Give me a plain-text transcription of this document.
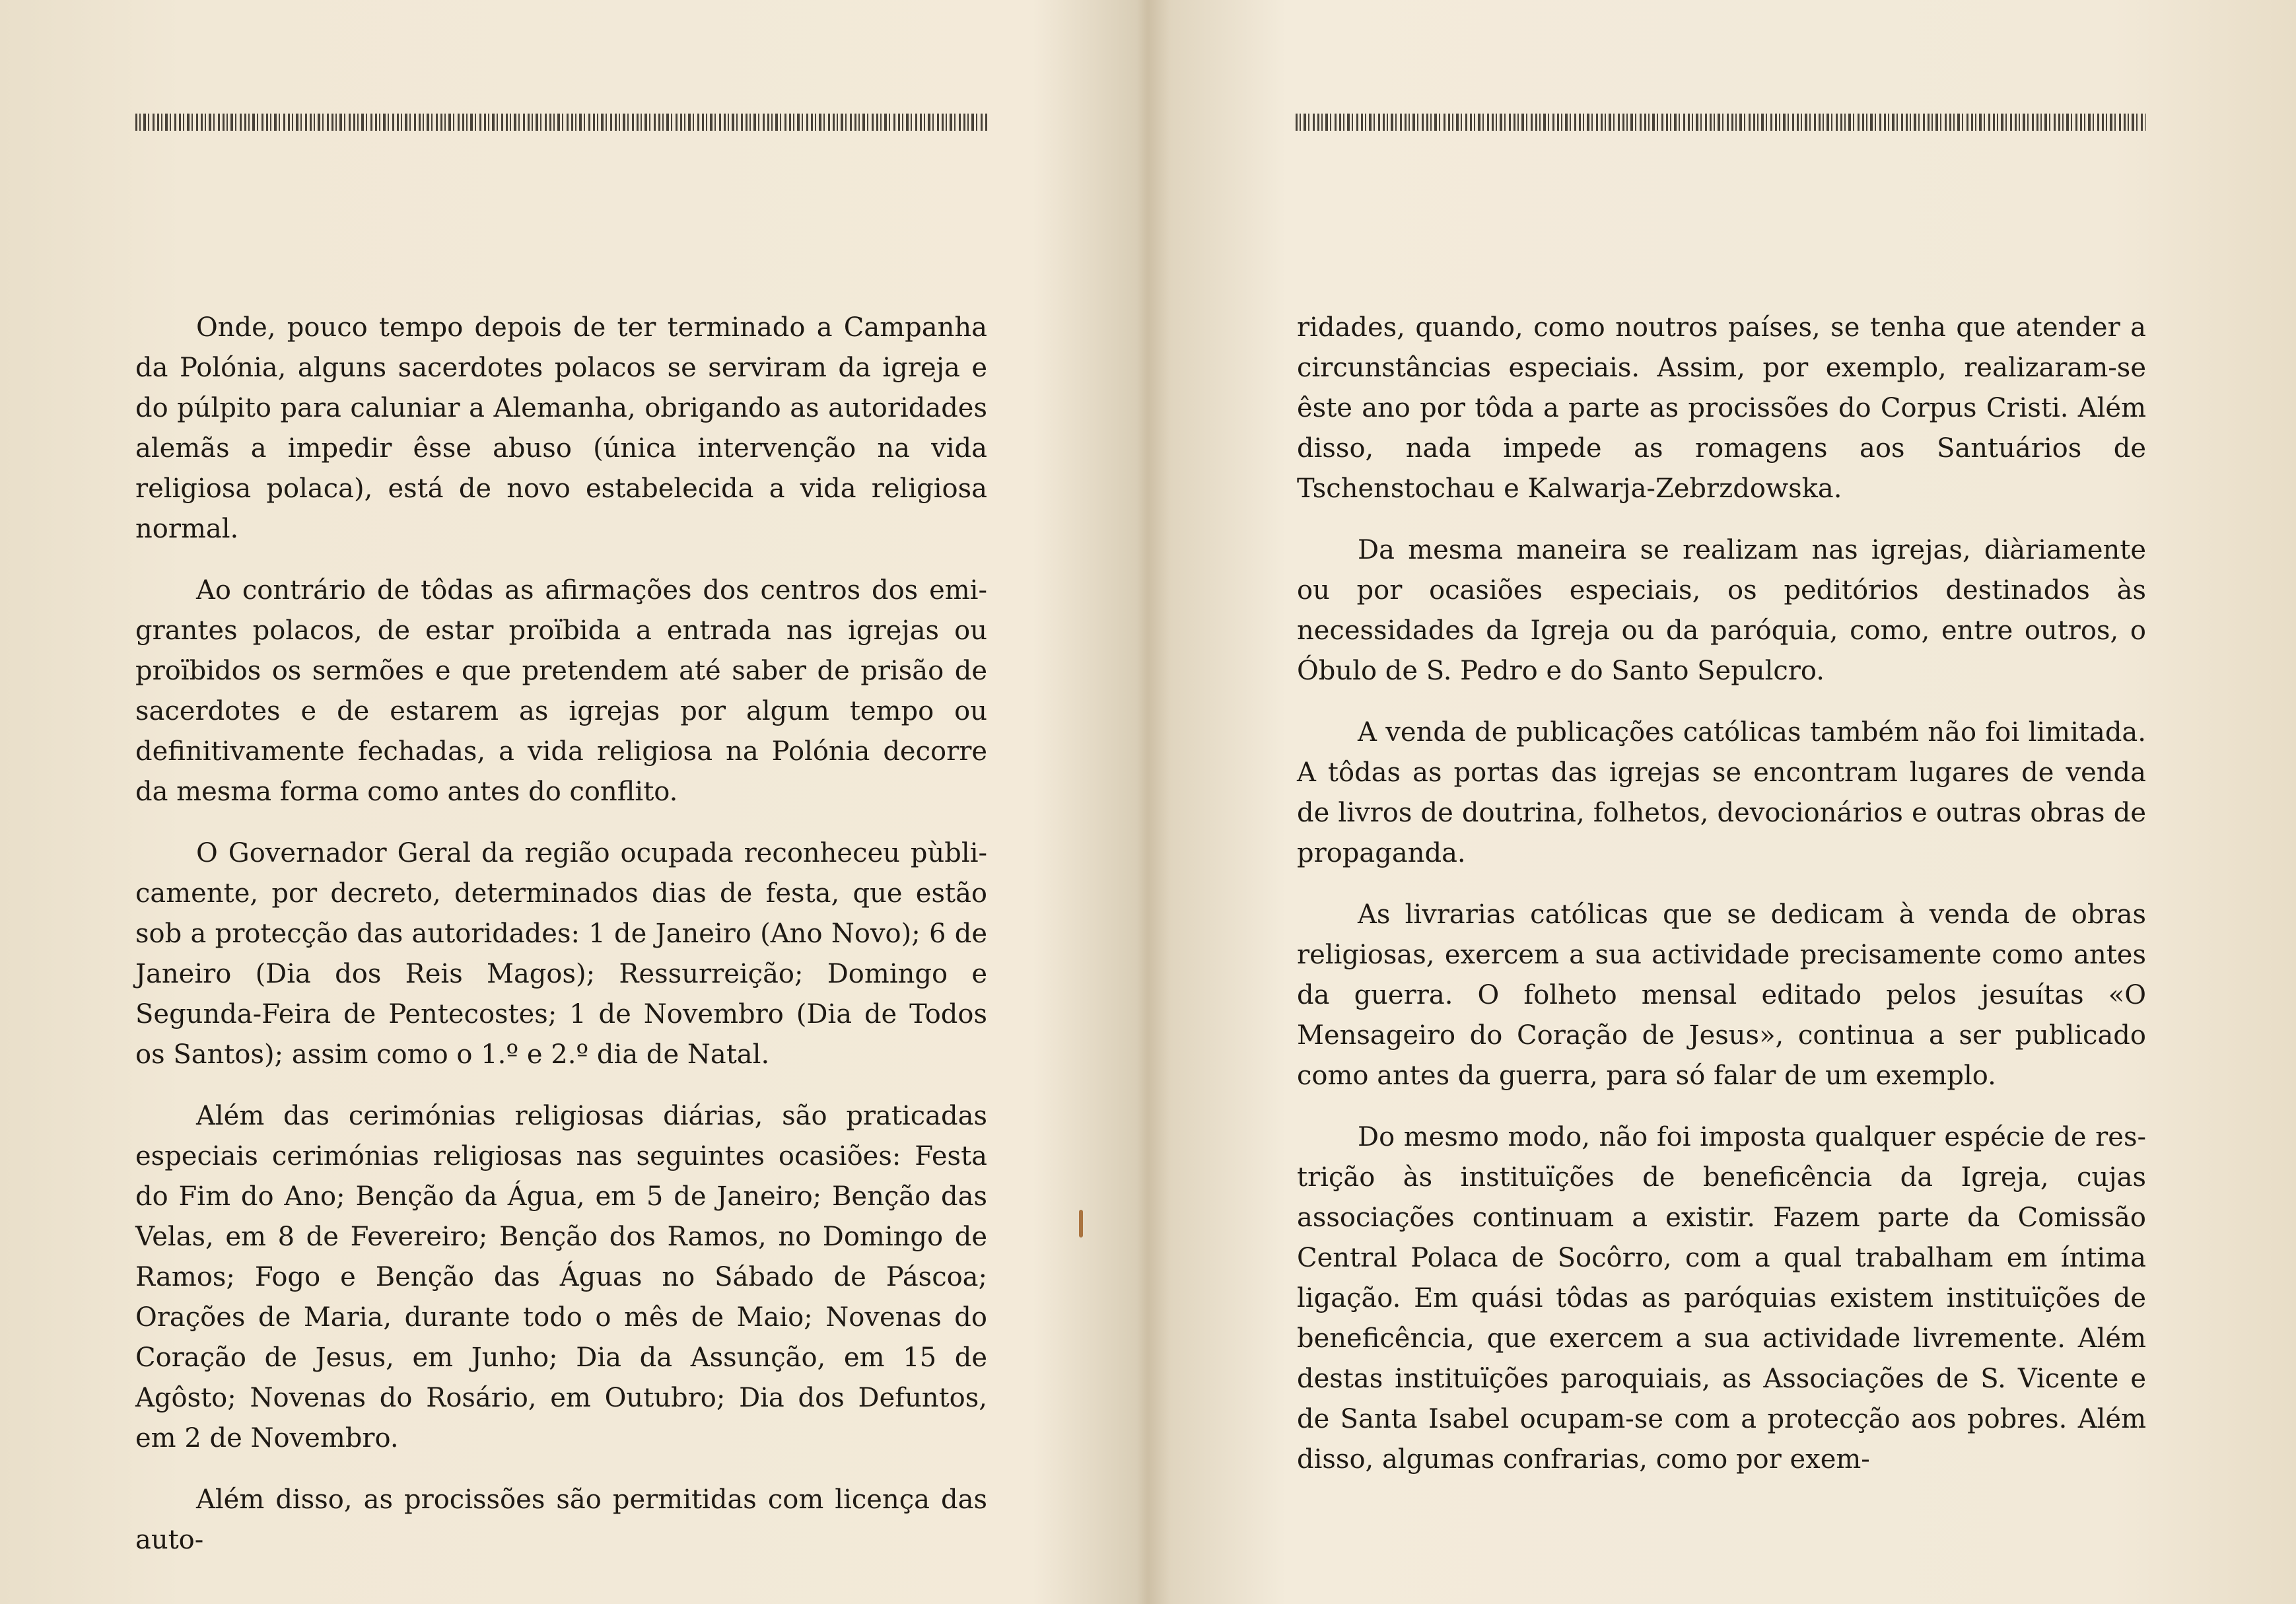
Onde, pouco tempo depois de ter terminado a Campanha da Polónia, alguns sacerdotes polacos se serviram da igreja e do púlpito para caluniar a Alemanha, obrigando as autoridades alemãs a impedir êsse abuso (única intervenção na vida religiosa polaca), está de novo estabelecida a vida religiosa normal.

Ao contrário de tôdas as afirmações dos centros dos emigrantes polacos, de estar proïbida a entrada nas igrejas ou proïbidos os sermões e que pretendem até saber de prisão de sacerdotes e de estarem as igrejas por algum tempo ou definitivamente fechadas, a vida religiosa na Polónia decorre da mesma forma como antes do conflito.

O Governador Geral da região ocupada reconheceu pùblicamente, por decreto, determinados dias de festa, que estão sob a protecção das autoridades: 1 de Janeiro (Ano Novo); 6 de Janeiro (Dia dos Reis Magos); Ressurreição; Domingo e Segunda-Feira de Pentecostes; 1 de Novembro (Dia de Todos os Santos); assim como o 1.º e 2.º dia de Natal.

Além das cerimónias religiosas diárias, são praticadas especiais cerimónias religiosas nas seguintes ocasiões: Festa do Fim do Ano; Benção da Água, em 5 de Janeiro; Benção das Velas, em 8 de Fevereiro; Benção dos Ramos, no Domingo de Ramos; Fogo e Benção das Águas no Sábado de Páscoa; Orações de Maria, durante todo o mês de Maio; Novenas do Coração de Jesus, em Junho; Dia da Assunção, em 15 de Agôsto; Novenas do Rosário, em Outubro; Dia dos Defuntos, em 2 de Novembro.

Além disso, as procissões são permitidas com licença das auto-

ridades, quando, como noutros países, se tenha que atender a circunstâncias especiais. Assim, por exemplo, realizaram-se êste ano por tôda a parte as procissões do Corpus Cristi. Além disso, nada impede as romagens aos Santuários de Tschenstochau e Kalwarja-Zebrzdowska.

Da mesma maneira se realizam nas igrejas, diàriamente ou por ocasiões especiais, os peditórios destinados às necessidades da Igreja ou da paróquia, como, entre outros, o Óbulo de S. Pedro e do Santo Sepulcro.

A venda de publicações católicas também não foi limitada. A tôdas as portas das igrejas se encontram lugares de venda de livros de doutrina, folhetos, devocionários e outras obras de propaganda.

As livrarias católicas que se dedicam à venda de obras religiosas, exercem a sua actividade precisamente como antes da guerra. O folheto mensal editado pelos jesuítas «O Mensageiro do Coração de Jesus», continua a ser publicado como antes da guerra, para só falar de um exemplo.

Do mesmo modo, não foi imposta qualquer espécie de restrição às instituïções de beneficência da Igreja, cujas associações continuam a existir. Fazem parte da Comissão Central Polaca de Socôrro, com a qual trabalham em íntima ligação. Em quási tôdas as paróquias existem instituïções de beneficência, que exercem a sua actividade livremente. Além destas instituïções paroquiais, as Associações de S. Vicente e de Santa Isabel ocupam-se com a protecção aos pobres. Além disso, algumas confrarias, como por exem-
